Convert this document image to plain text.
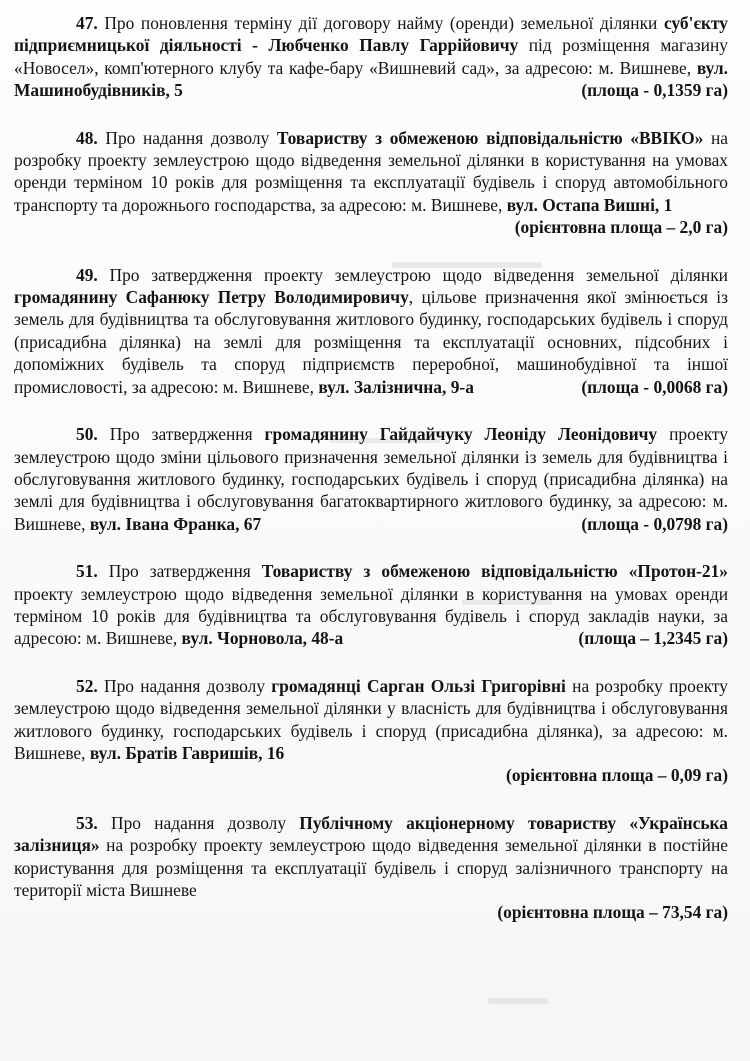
47. Про поновлення терміну дії договору найму (оренди) земельної ділянки суб'єкту підприємницької діяльності - Любченко Павлу Гаррійовичу під розміщення магазину «Новосел», комп'ютерного клубу та кафе-бару «Вишневий сад», за адресою: м. Вишневе, вул. Машинобудівників, 5	(площа - 0,1359 га)

48. Про надання дозволу Товариству з обмеженою відповідальністю «ВВІКО» на розробку проекту землеустрою щодо відведення земельної ділянки в користування на умовах оренди терміном 10 років для розміщення та експлуатації будівель і споруд автомобільного транспорту та дорожнього господарства, за адресою: м. Вишневе, вул. Остапа Вишні, 1
(орієнтовна площа – 2,0 га)

49. Про затвердження проекту землеустрою щодо відведення земельної ділянки громадянину Сафанюку Петру Володимировичу, цільове призначення якої змінюється із земель для будівництва та обслуговування житлового будинку, господарських будівель і споруд (присадибна ділянка) на землі для розміщення та експлуатації основних, підсобних і допоміжних будівель та споруд підприємств переробної, машинобудівної та іншої промисловості, за адресою: м. Вишневе, вул. Залізнична, 9-а	(площа - 0,0068 га)

50. Про затвердження громадянину Гайдайчуку Леоніду Леонідовичу проекту землеустрою щодо зміни цільового призначення земельної ділянки із земель для будівництва і обслуговування житлового будинку, господарських будівель і споруд (присадибна ділянка) на землі для будівництва і обслуговування багатоквартирного житлового будинку, за адресою: м. Вишневе, вул. Івана Франка, 67	(площа - 0,0798 га)

51. Про затвердження Товариству з обмеженою відповідальністю «Протон-21» проекту землеустрою щодо відведення земельної ділянки в користування на умовах оренди терміном 10 років для будівництва та обслуговування будівель і споруд закладів науки, за адресою: м. Вишневе, вул. Чорновола, 48-а	(площа – 1,2345 га)

52. Про надання дозволу громадянці Сарган Ользі Григорівні на розробку проекту землеустрою щодо відведення земельної ділянки у власність для будівництва і обслуговування житлового будинку, господарських будівель і споруд (присадибна ділянка), за адресою: м. Вишневе, вул. Братів Гавришів, 16
(орієнтовна площа – 0,09 га)

53. Про надання дозволу Публічному акціонерному товариству «Українська залізниця» на розробку проекту землеустрою щодо відведення земельної ділянки в постійне користування для розміщення та експлуатації будівель і споруд залізничного транспорту на території міста Вишневе
(орієнтовна площа – 73,54 га)
